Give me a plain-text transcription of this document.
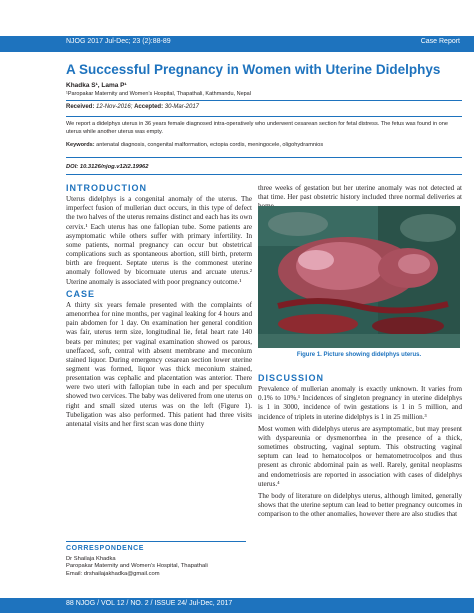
NJOG 2017 Jul-Dec; 23 (2):88-89	Case Report
A Successful Pregnancy in Women with Uterine Didelphys
Khadka S¹, Lama P¹
¹Paropakar Maternity and Women’s Hospital, Thapathali, Kathmandu, Nepal
Received: 12-Nov-2016; Accepted: 30-Mar-2017
We report a didelphys uterus in 36 years female diagnosed intra-operatively who underwent cesarean section for fetal distress. The fetus was found in one uterus while another uterus was empty.
Keywords: antenatal diagnosis, congenital malformation, ectopia cordis, meningocele, oligohydramnios
DOI: 10.3126/njog.v12i2.19962
INTRODUCTION

Uterus didelphys is a congenital anomaly of the uterus. The imperfect fusion of mullerian duct occurs, in this type of defect the two halves of the uterus remains distinct and each has its own cervix.¹ Each uterus has one fallopian tube. Some patients are asymptomatic while others suffer with primary infertility. In some patients, normal pregnancy can occur but obstetrical complications such as spontaneous abortion, still birth, preterm birth are frequent. Septate uterus is the commonest uterine anomaly followed by bicornuate uterus and arcuate uterus.² Uterine anomaly is associated with poor pregnancy outcome.¹

CASE

A thirty six years female presented with the complaints of amenorrhea for nine months, per vaginal leaking for 4 hours and pain abdomen for 1 day. On examination her general condition was fair, uterus term size, longitudinal lie, fetal heart rate 140 beats per minutes; per vaginal examination showed os parous, uneffaced, soft, central with absent membrane and meconium stained liquor. During emergency cesarean section lower uterine segment was formed, liquor was thick meconium stained, presentation was cephalic and placentation was anterior. There were two uteri with fallopian tube in each and per speculum showed two cervices. The baby was delivered from one uterus on right and small sized uterus was on the left (Figure 1). Tubeligation was also performed. This patient had three visits antenatal visits and her first scan was done thirty

CORRESPONDENCE
Dr Shailaja Khadka
Paropakar Maternity and Women’s Hospital, Thapathali
Email: drshailajakhadka@gmail.com

three weeks of gestation but her uterine anomaly was not detected at that time. Her past obstetric history included three normal deliveries at

Figure 1. Picture showing didelphys uterus.
DISCUSSION

Prevalence of mullerian anomaly is exactly unknown. It varies from 0.1% to 10%.¹ Incidences of singleton pregnancy in uterine didelphys is 1 in 3000, incidence of twin gestations is 1 in 5 million, and incidence of triplets in uterine didelphys is 1 in 25 million.³

Most women with didelphys uterus are asymptomatic, but may present with dyspareunia or dysmenorrhea in the presence of a thick, sometimes obstructing, vaginal septum. This obstructing vaginal septum can lead to hematocolpos or hematometrocolpos and thus present as chronic abdominal pain as well. Rarely, genital neoplasms and endometriosis are reported in association with cases of didelphys uterus.⁴

The body of literature on didelphys uterus, although limited, generally shows that the uterine septum can lead to better pregnancy outcomes in comparison to the other anomalies, however there are also studies that

88 NJOG / VOL 12 / NO. 2 / ISSUE 24/ Jul-Dec, 2017
